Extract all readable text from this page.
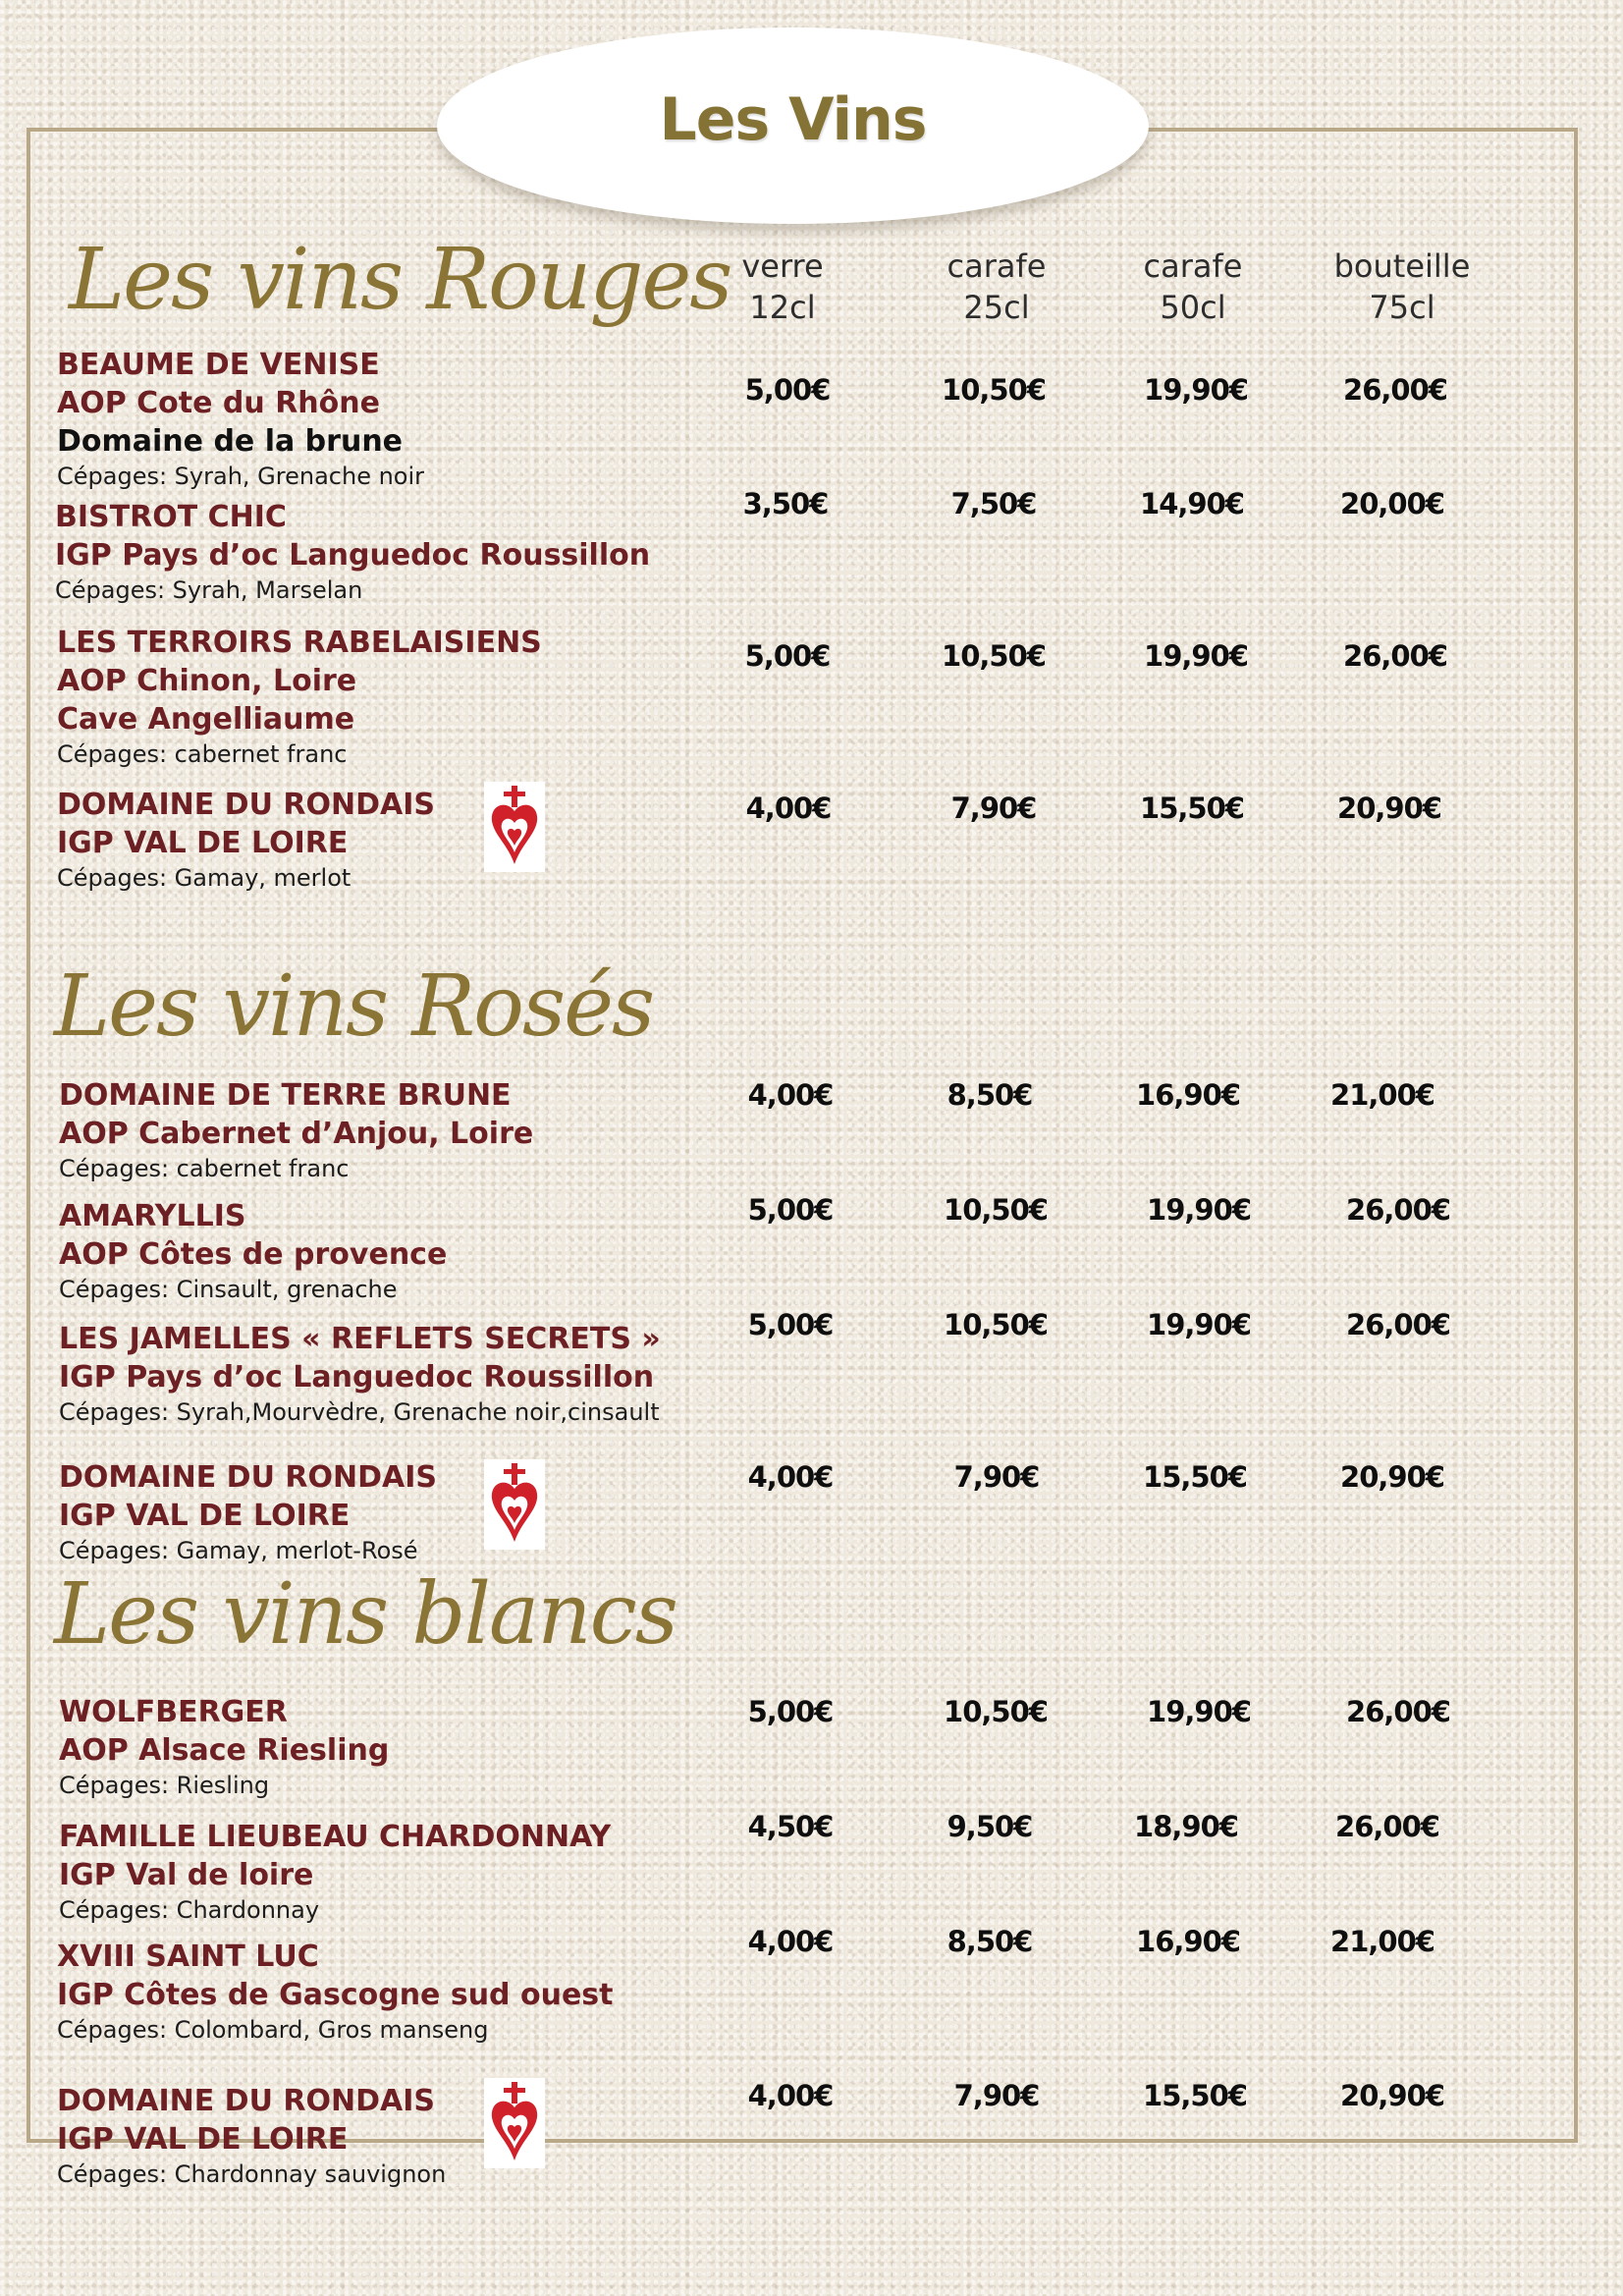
Les Vins
verre
12cl
carafe
25cl
carafe
50cl
bouteille
75cl
Les vins Rouges
BEAUME DE VENISE
AOP Cote du Rhône
Domaine de la brune
Cépages: Syrah, Grenache noir
5,00€	10,50€	19,90€	26,00€
BISTROT CHIC
IGP Pays d’oc Languedoc Roussillon
Cépages: Syrah, Marselan
3,50€	7,50€	14,90€	20,00€
LES TERROIRS RABELAISIENS
AOP Chinon, Loire
Cave Angelliaume
Cépages: cabernet franc
5,00€	10,50€	19,90€	26,00€
DOMAINE DU RONDAIS
IGP VAL DE LOIRE
Cépages: Gamay, merlot
4,00€	7,90€	15,50€	20,90€
Les vins Rosés
DOMAINE DE TERRE BRUNE
AOP Cabernet d’Anjou, Loire
Cépages: cabernet franc
4,00€	8,50€	16,90€	21,00€
AMARYLLIS
AOP Côtes de provence
Cépages: Cinsault, grenache
5,00€	10,50€	19,90€	26,00€
LES JAMELLES « REFLETS SECRETS »
IGP Pays d’oc Languedoc Roussillon
Cépages: Syrah,Mourvèdre, Grenache noir,cinsault
5,00€	10,50€	19,90€	26,00€
DOMAINE DU RONDAIS
IGP VAL DE LOIRE
Cépages: Gamay, merlot-Rosé
4,00€	7,90€	15,50€	20,90€
Les vins blancs
WOLFBERGER
AOP Alsace Riesling
Cépages: Riesling
5,00€	10,50€	19,90€	26,00€
FAMILLE LIEUBEAU CHARDONNAY
IGP Val de loire
Cépages: Chardonnay
4,50€	9,50€	18,90€	26,00€
XVIII SAINT LUC
IGP Côtes de Gascogne sud ouest
Cépages: Colombard, Gros manseng
4,00€	8,50€	16,90€	21,00€
DOMAINE DU RONDAIS
IGP VAL DE LOIRE
Cépages: Chardonnay sauvignon
4,00€	7,90€	15,50€	20,90€
